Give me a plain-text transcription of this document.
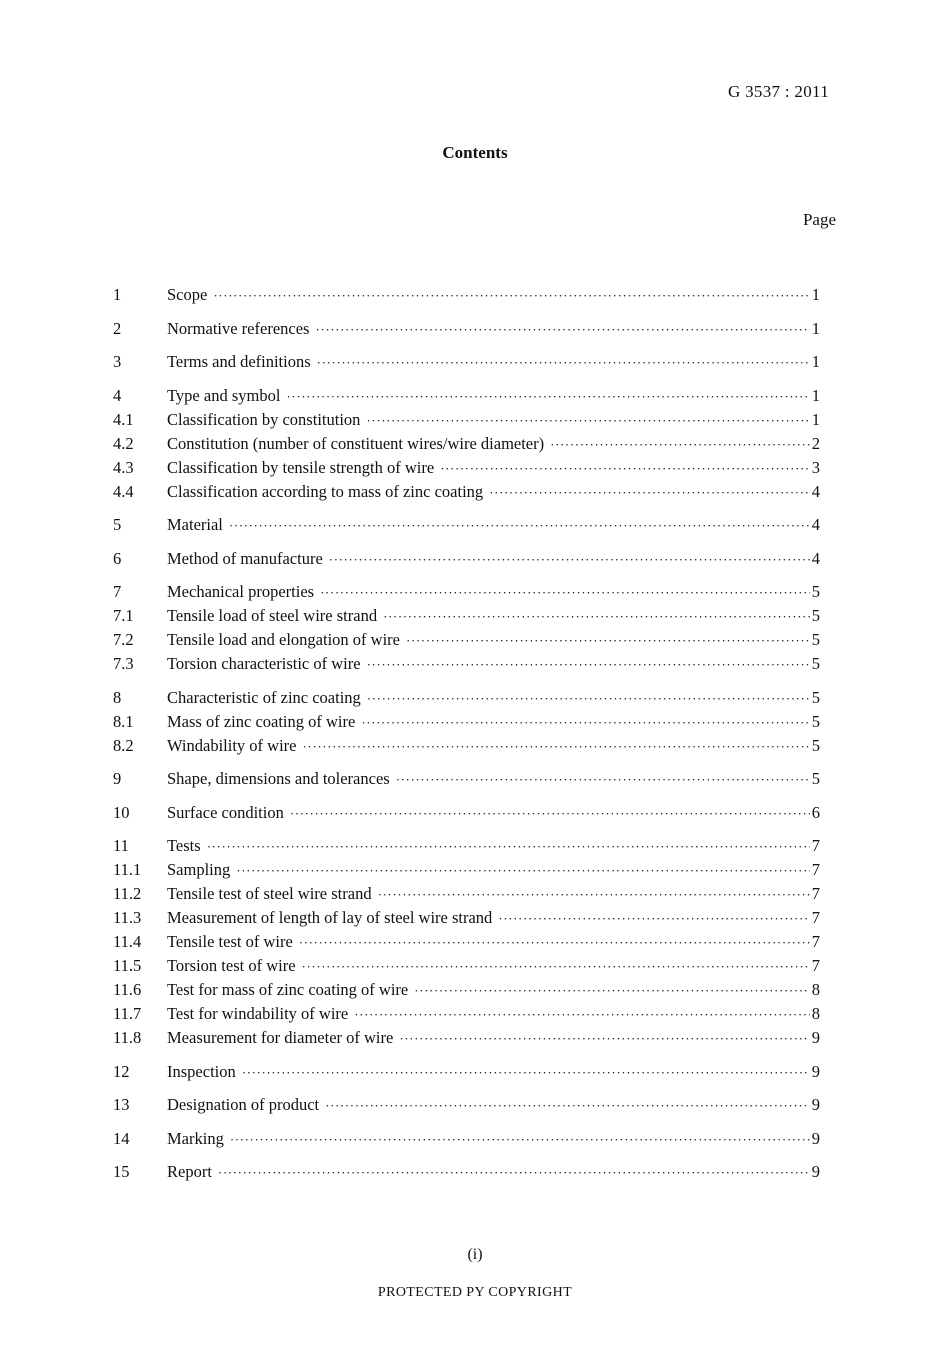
G 3537 : 2011
Contents
Page
1	Scope ·····	1
2	Normative references ·····	1
3	Terms and definitions ·····	1
4	Type and symbol ·····	1
4.1	Classification by constitution ·····	1
4.2	Constitution (number of constituent wires/wire diameter) ·····	2
4.3	Classification by tensile strength of wire ·····	3
4.4	Classification according to mass of zinc coating ·····	4
5	Material ·····	4
6	Method of manufacture ·····	4
7	Mechanical properties ·····	5
7.1	Tensile load of steel wire strand ·····	5
7.2	Tensile load and elongation of wire ·····	5
7.3	Torsion characteristic of wire ·····	5
8	Characteristic of zinc coating ·····	5
8.1	Mass of zinc coating of wire ·····	5
8.2	Windability of wire ·····	5
9	Shape, dimensions and tolerances ·····	5
10	Surface condition ·····	6
11	Tests ·····	7
11.1	Sampling ·····	7
11.2	Tensile test of steel wire strand ·····	7
11.3	Measurement of length of lay of steel wire strand ·····	7
11.4	Tensile test of wire ·····	7
11.5	Torsion test of wire ·····	7
11.6	Test for mass of zinc coating of wire ·····	8
11.7	Test for windability of wire ·····	8
11.8	Measurement for diameter of wire ·····	9
12	Inspection ·····	9
13	Designation of product ·····	9
14	Marking ·····	9
15	Report ·····	9
(i)
PROTECTED PY COPYRIGHT
